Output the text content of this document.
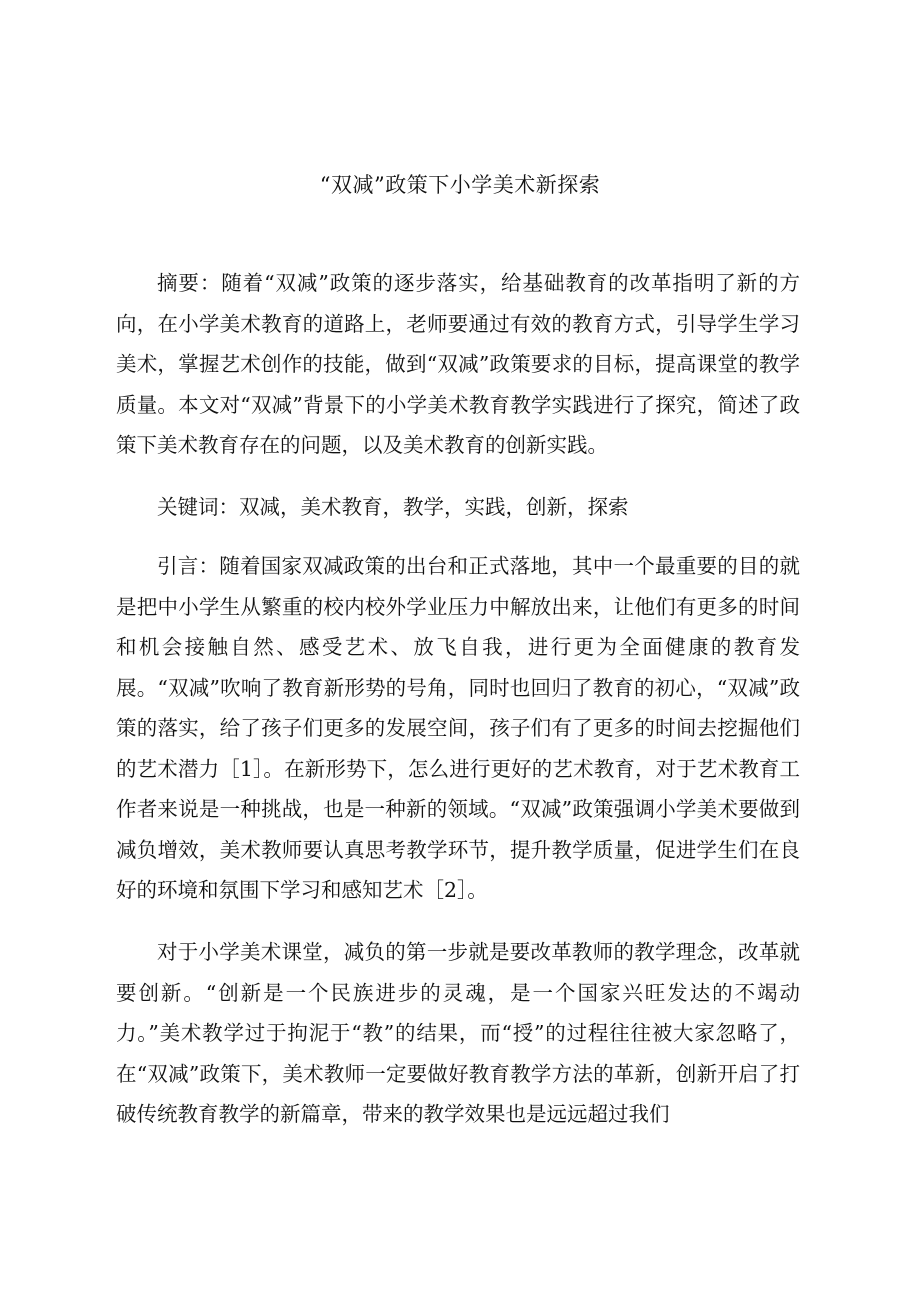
“双减”政策下小学美术新探索

摘要：随着“双减”政策的逐步落实，给基础教育的改革指明了新的方向，在小学美术教育的道路上，老师要通过有效的教育方式，引导学生学习美术，掌握艺术创作的技能，做到“双减”政策要求的目标，提高课堂的教学质量。本文对“双减”背景下的小学美术教育教学实践进行了探究，简述了政策下美术教育存在的问题，以及美术教育的创新实践。

关键词：双减，美术教育，教学，实践，创新，探索

引言：随着国家双减政策的出台和正式落地，其中一个最重要的目的就是把中小学生从繁重的校内校外学业压力中解放出来，让他们有更多的时间和机会接触自然、感受艺术、放飞自我，进行更为全面健康的教育发展。“双减”吹响了教育新形势的号角，同时也回归了教育的初心，“双减”政策的落实，给了孩子们更多的发展空间，孩子们有了更多的时间去挖掘他们的艺术潜力［1］。在新形势下，怎么进行更好的艺术教育，对于艺术教育工作者来说是一种挑战，也是一种新的领域。“双减”政策强调小学美术要做到减负增效，美术教师要认真思考教学环节，提升教学质量，促进学生们在良好的环境和氛围下学习和感知艺术［2］。

对于小学美术课堂，减负的第一步就是要改革教师的教学理念，改革就要创新。“创新是一个民族进步的灵魂，是一个国家兴旺发达的不竭动力。”美术教学过于拘泥于“教”的结果，而“授”的过程往往被大家忽略了，在“双减”政策下，美术教师一定要做好教育教学方法的革新，创新开启了打破传统教育教学的新篇章，带来的教学效果也是远远超过我们
